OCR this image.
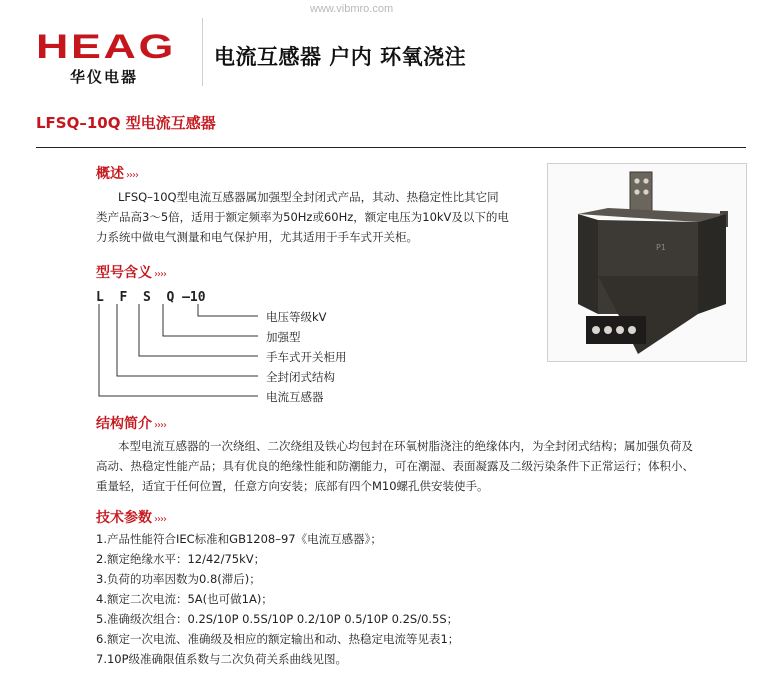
www.vibmro.com
HEAG
华仪电器
电流互感器 户内 环氧浇注
LFSQ–10Q 型电流互感器
概述 ››››
LFSQ–10Q型电流互感器属加强型全封闭式产品，其动、热稳定性比其它同
类产品高3～5倍，适用于额定频率为50Hz或60Hz，额定电压为10kV及以下的电
力系统中做电气测量和电气保护用，尤其适用于手车式开关柜。
型号含义 ››››
L  F  S  Q –10
电压等级kV
加强型
手车式开关柜用
全封闭式结构
电流互感器
结构简介 ››››
本型电流互感器的一次绕组、二次绕组及铁心均包封在环氧树脂浇注的绝缘体内，为全封闭式结构；属加强负荷及
高动、热稳定性能产品；具有优良的绝缘性能和防潮能力，可在潮湿、表面凝露及二级污染条件下正常运行；体积小、
重量轻，适宜于任何位置，任意方向安装；底部有四个M10螺孔供安装使手。
技术参数 ››››
1.产品性能符合IEC标准和GB1208–97《电流互感器》；
2.额定绝缘水平：12/42/75kV；
3.负荷的功率因数为0.8(滞后)；
4.额定二次电流：5A(也可做1A)；
5.准确级次组合：0.2S/10P 0.5S/10P 0.2/10P 0.5/10P 0.2S/0.5S；
6.额定一次电流、准确级及相应的额定输出和动、热稳定电流等见表1；
7.10P级准确限值系数与二次负荷关系曲线见图。
P1
